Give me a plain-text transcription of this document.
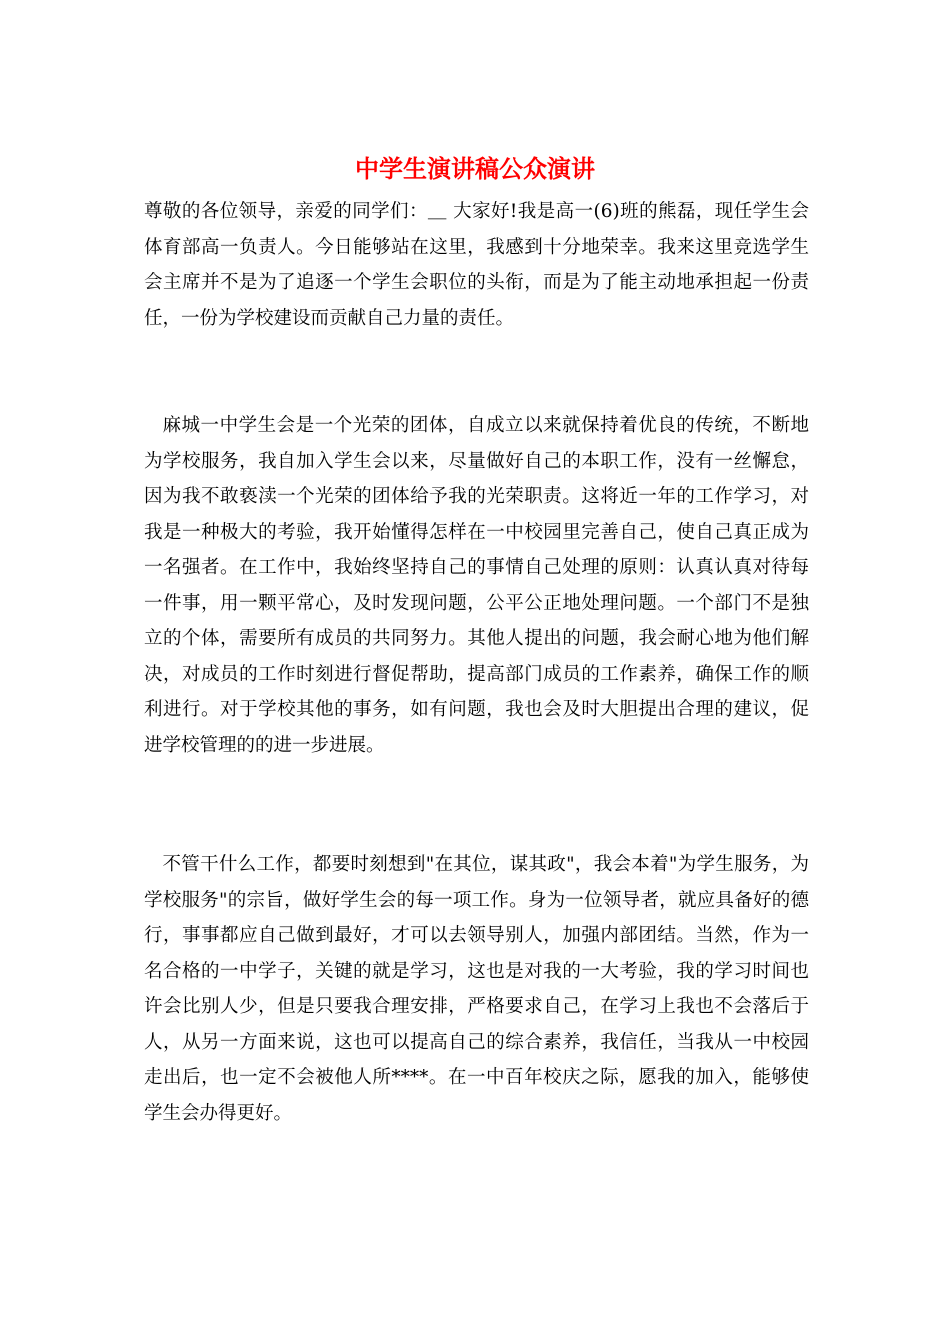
中学生演讲稿公众演讲

尊敬的各位领导，亲爱的同学们：＿ 大家好!我是高一(6)班的熊磊，现任学生会体育部高一负责人。今日能够站在这里，我感到十分地荣幸。我来这里竞选学生会主席并不是为了追逐一个学生会职位的头衔，而是为了能主动地承担起一份责任，一份为学校建设而贡献自己力量的责任。

麻城一中学生会是一个光荣的团体，自成立以来就保持着优良的传统，不断地为学校服务，我自加入学生会以来，尽量做好自己的本职工作，没有一丝懈怠，因为我不敢亵渎一个光荣的团体给予我的光荣职责。这将近一年的工作学习，对我是一种极大的考验，我开始懂得怎样在一中校园里完善自己，使自己真正成为一名强者。在工作中，我始终坚持自己的事情自己处理的原则：认真认真对待每一件事，用一颗平常心，及时发现问题，公平公正地处理问题。一个部门不是独立的个体，需要所有成员的共同努力。其他人提出的问题，我会耐心地为他们解决，对成员的工作时刻进行督促帮助，提高部门成员的工作素养，确保工作的顺利进行。对于学校其他的事务，如有问题，我也会及时大胆提出合理的建议，促进学校管理的的进一步进展。

不管干什么工作，都要时刻想到"在其位，谋其政"，我会本着"为学生服务，为学校服务"的宗旨，做好学生会的每一项工作。身为一位领导者，就应具备好的德行，事事都应自己做到最好，才可以去领导别人，加强内部团结。当然，作为一名合格的一中学子，关键的就是学习，这也是对我的一大考验，我的学习时间也许会比别人少，但是只要我合理安排，严格要求自己，在学习上我也不会落后于人，从另一方面来说，这也可以提高自己的综合素养，我信任，当我从一中校园走出后，也一定不会被他人所****。在一中百年校庆之际，愿我的加入，能够使学生会办得更好。
